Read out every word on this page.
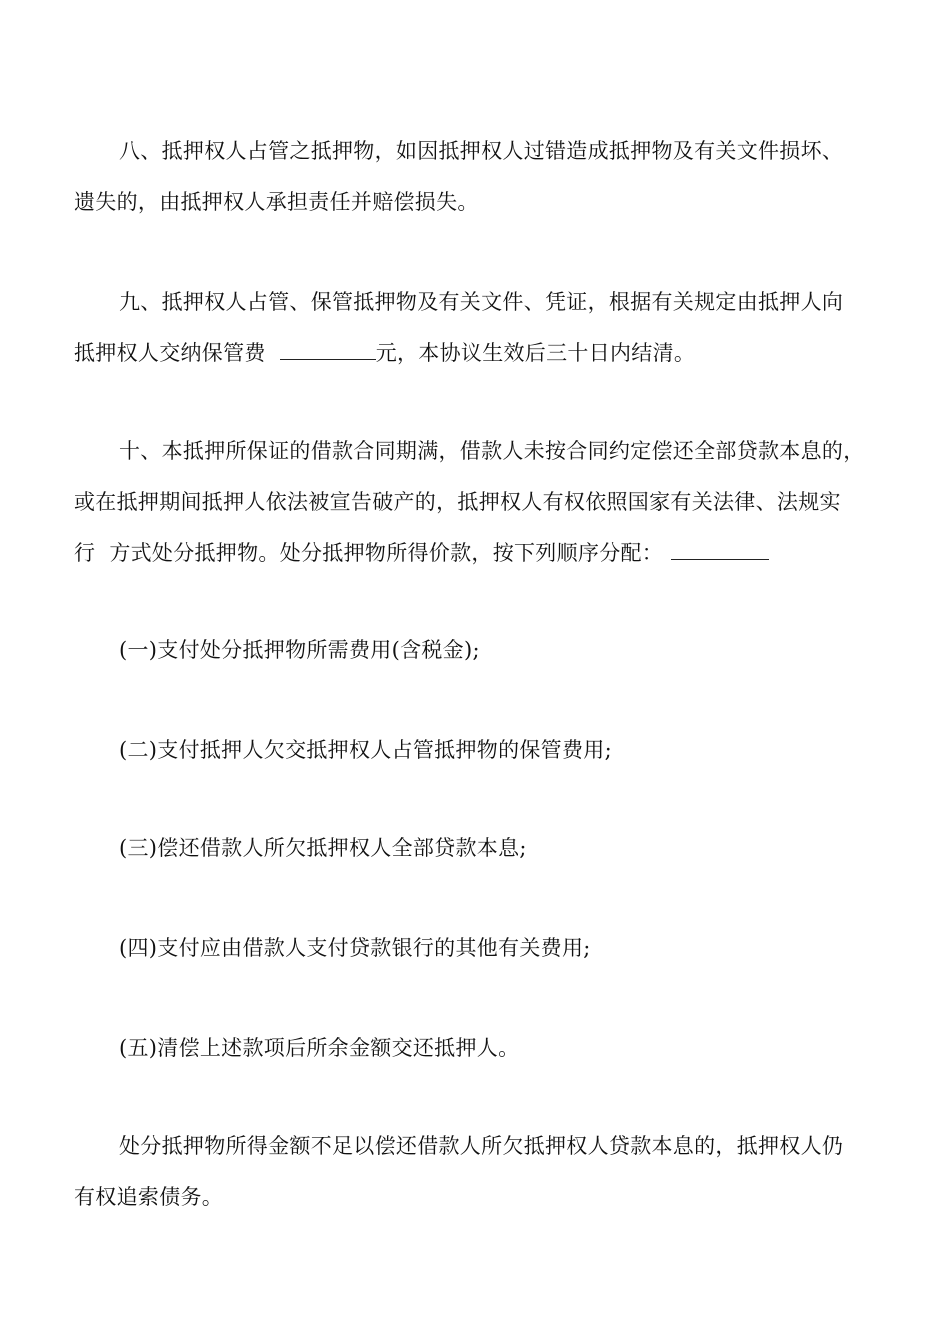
八、抵押权人占管之抵押物，如因抵押权人过错造成抵押物及有关文件损坏、
遗失的，由抵押权人承担责任并赔偿损失。
九、抵押权人占管、保管抵押物及有关文件、凭证，根据有关规定由抵押人向
抵押权人交纳保管费	元，本协议生效后三十日内结清。
十、本抵押所保证的借款合同期满，借款人未按合同约定偿还全部贷款本息的，
或在抵押期间抵押人依法被宣告破产的，抵押权人有权依照国家有关法律、法规实
行 方式处分抵押物。处分抵押物所得价款，按下列顺序分配：
(一)支付处分抵押物所需费用(含税金);
(二)支付抵押人欠交抵押权人占管抵押物的保管费用;
(三)偿还借款人所欠抵押权人全部贷款本息;
(四)支付应由借款人支付贷款银行的其他有关费用;
(五)清偿上述款项后所余金额交还抵押人。
处分抵押物所得金额不足以偿还借款人所欠抵押权人贷款本息的，抵押权人仍
有权追索债务。
